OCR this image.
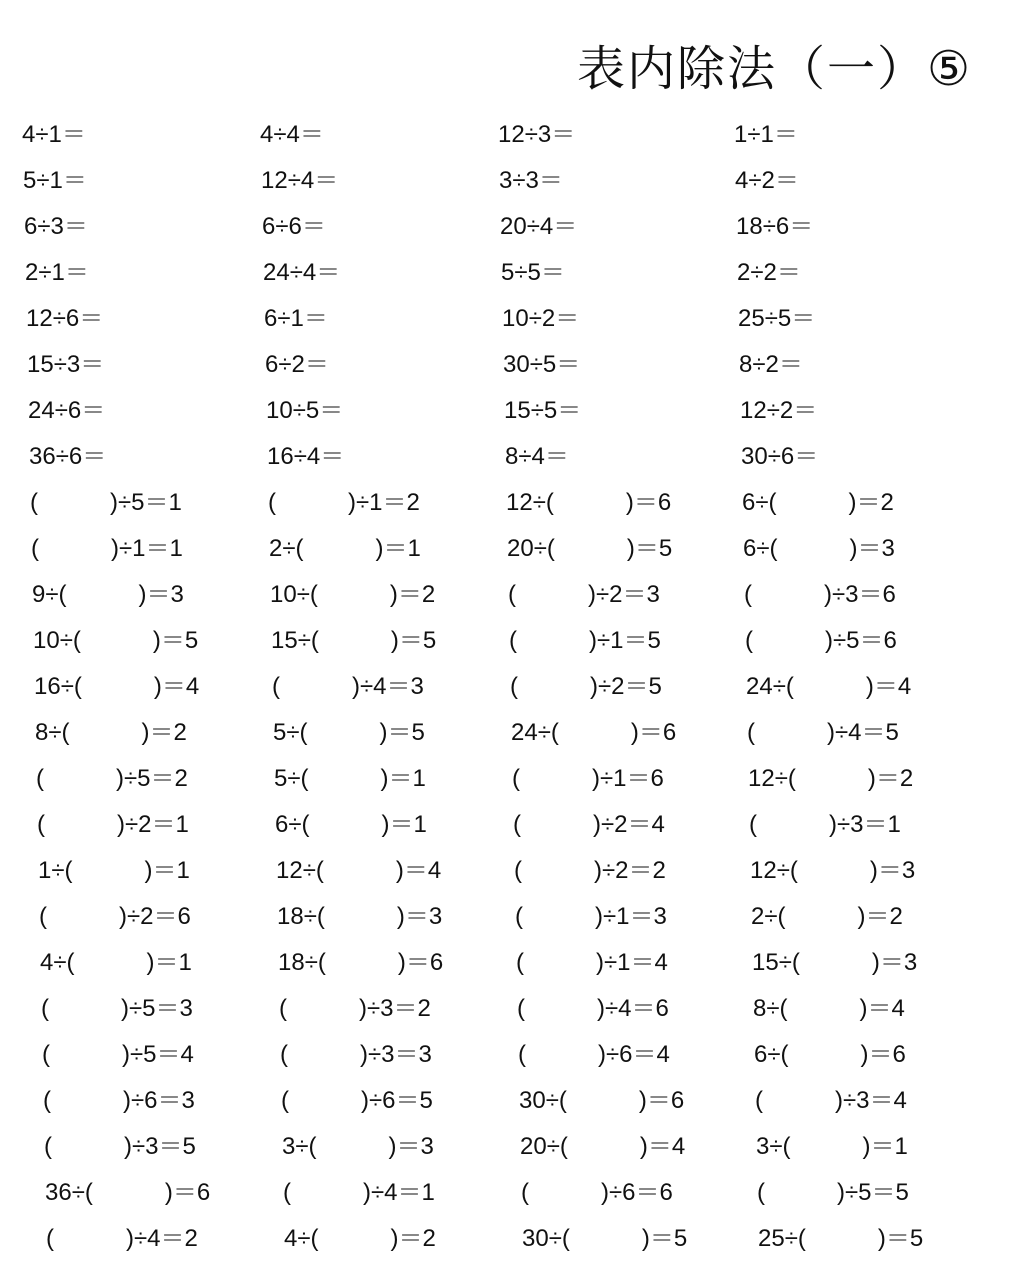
表内除法（一）⑤
4÷1＝
5÷1＝
6÷3＝
2÷1＝
12÷6＝
15÷3＝
24÷6＝
36÷6＝
(　　　)÷5＝1
(　　　)÷1＝1
9÷(　　　)＝3
10÷(　　　)＝5
16÷(　　　)＝4
8÷(　　　)＝2
(　　　)÷5＝2
(　　　)÷2＝1
1÷(　　　)＝1
(　　　)÷2＝6
4÷(　　　)＝1
(　　　)÷5＝3
(　　　)÷5＝4
(　　　)÷6＝3
(　　　)÷3＝5
36÷(　　　)＝6
(　　　)÷4＝2
4÷4＝
12÷4＝
6÷6＝
24÷4＝
6÷1＝
6÷2＝
10÷5＝
16÷4＝
(　　　)÷1＝2
2÷(　　　)＝1
10÷(　　　)＝2
15÷(　　　)＝5
(　　　)÷4＝3
5÷(　　　)＝5
5÷(　　　)＝1
6÷(　　　)＝1
12÷(　　　)＝4
18÷(　　　)＝3
18÷(　　　)＝6
(　　　)÷3＝2
(　　　)÷3＝3
(　　　)÷6＝5
3÷(　　　)＝3
(　　　)÷4＝1
4÷(　　　)＝2
12÷3＝
3÷3＝
20÷4＝
5÷5＝
10÷2＝
30÷5＝
15÷5＝
8÷4＝
12÷(　　　)＝6
20÷(　　　)＝5
(　　　)÷2＝3
(　　　)÷1＝5
(　　　)÷2＝5
24÷(　　　)＝6
(　　　)÷1＝6
(　　　)÷2＝4
(　　　)÷2＝2
(　　　)÷1＝3
(　　　)÷1＝4
(　　　)÷4＝6
(　　　)÷6＝4
30÷(　　　)＝6
20÷(　　　)＝4
(　　　)÷6＝6
30÷(　　　)＝5
1÷1＝
4÷2＝
18÷6＝
2÷2＝
25÷5＝
8÷2＝
12÷2＝
30÷6＝
6÷(　　　)＝2
6÷(　　　)＝3
(　　　)÷3＝6
(　　　)÷5＝6
24÷(　　　)＝4
(　　　)÷4＝5
12÷(　　　)＝2
(　　　)÷3＝1
12÷(　　　)＝3
2÷(　　　)＝2
15÷(　　　)＝3
8÷(　　　)＝4
6÷(　　　)＝6
(　　　)÷3＝4
3÷(　　　)＝1
(　　　)÷5＝5
25÷(　　　)＝5
